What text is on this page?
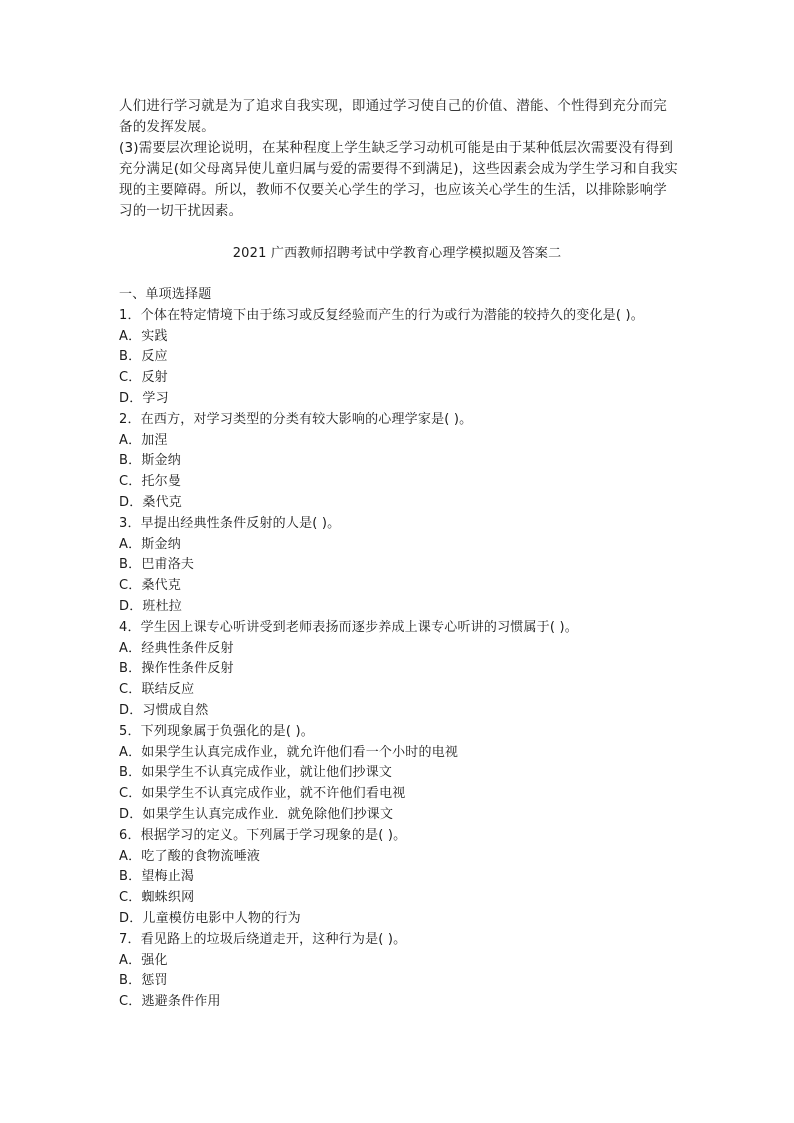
人们进行学习就是为了追求自我实现，即通过学习使自己的价值、潜能、个性得到充分而完备的发挥发展。

(3)需要层次理论说明，在某种程度上学生缺乏学习动机可能是由于某种低层次需要没有得到充分满足(如父母离异使儿童归属与爱的需要得不到满足)，这些因素会成为学生学习和自我实现的主要障碍。所以，教师不仅要关心学生的学习，也应该关心学生的生活，以排除影响学习的一切干扰因素。

2021 广西教师招聘考试中学教育心理学模拟题及答案二
一、单项选择题
1．个体在特定情境下由于练习或反复经验而产生的行为或行为潜能的较持久的变化是( )。
A．实践
B．反应
C．反射
D．学习
2．在西方，对学习类型的分类有较大影响的心理学家是( )。
A．加涅
B．斯金纳
C．托尔曼
D．桑代克
3．早提出经典性条件反射的人是( )。
A．斯金纳
B．巴甫洛夫
C．桑代克
D．班杜拉
4．学生因上课专心听讲受到老师表扬而逐步养成上课专心听讲的习惯属于( )。
A．经典性条件反射
B．操作性条件反射
C．联结反应
D．习惯成自然
5．下列现象属于负强化的是( )。
A．如果学生认真完成作业，就允许他们看一个小时的电视
B．如果学生不认真完成作业，就让他们抄课文
C．如果学生不认真完成作业，就不许他们看电视
D．如果学生认真完成作业．就免除他们抄课文
6．根据学习的定义。下列属于学习现象的是( )。
A．吃了酸的食物流唾液
B．望梅止渴
C．蜘蛛织网
D．儿童模仿电影中人物的行为
7．看见路上的垃圾后绕道走开，这种行为是( )。
A．强化
B．惩罚
C．逃避条件作用
